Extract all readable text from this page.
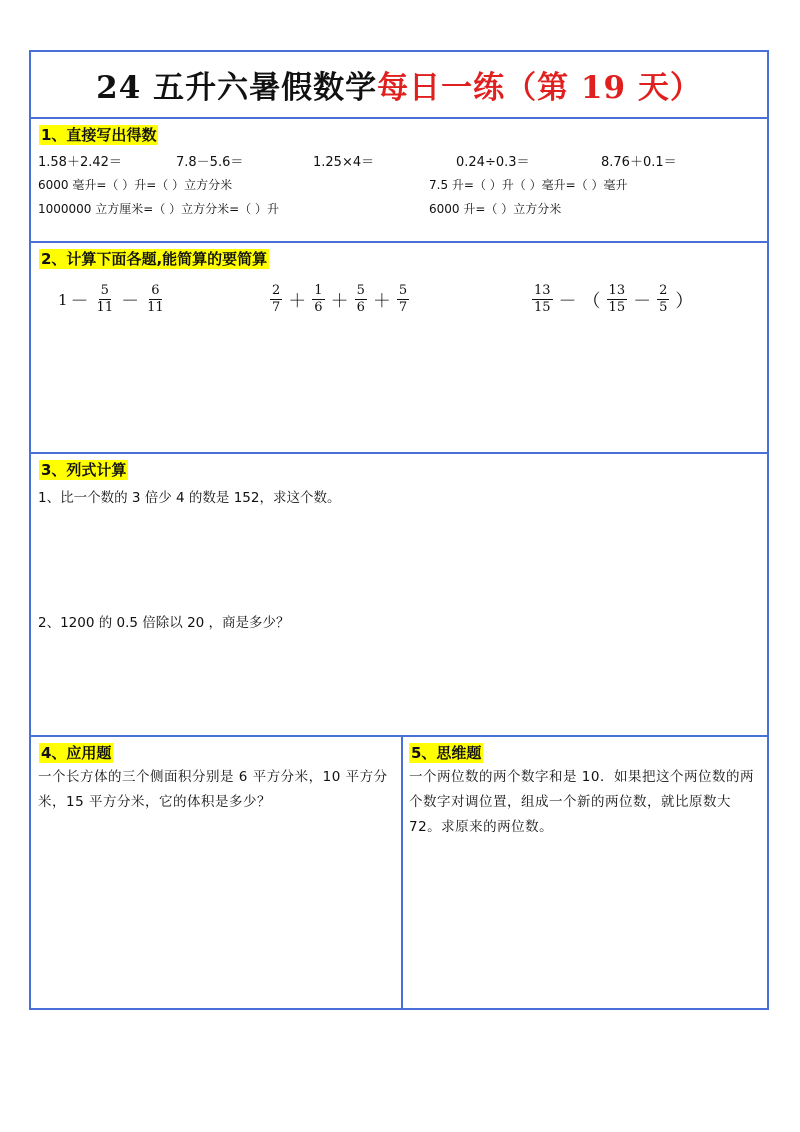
24 五升六暑假数学每日一练（第 19 天）
1、直接写出得数
1.58＋2.42＝	7.8－5.6＝	1.25×4＝	0.24÷0.3＝	8.76＋0.1＝
6000 毫升=（ ）升=（ ）立方分米	7.5 升=（ ）升（ ）毫升=（ ）毫升
1000000 立方厘米=（ ）立方分米=（ ）升	6000 升=（ ）立方分米
2、计算下面各题,能简算的要简算
$1 - \frac{5}{11} - \frac{6}{11}$	$\frac{2}{7} + \frac{1}{6} + \frac{5}{6} + \frac{5}{7}$	$\frac{13}{15}$ － （ $\frac{13}{15} - \frac{2}{5}$ ）
3、列式计算
1、比一个数的 3 倍少 4 的数是 152，求这个数。
2、1200 的 0.5 倍除以 20 ，商是多少？
4、应用题
一个长方体的三个侧面积分别是 6 平方分米，10 平方分米，15 平方分米，它的体积是多少？
5、思维题
一个两位数的两个数字和是 10．如果把这个两位数的两个数字对调位置，组成一个新的两位数，就比原数大 72。求原来的两位数。
